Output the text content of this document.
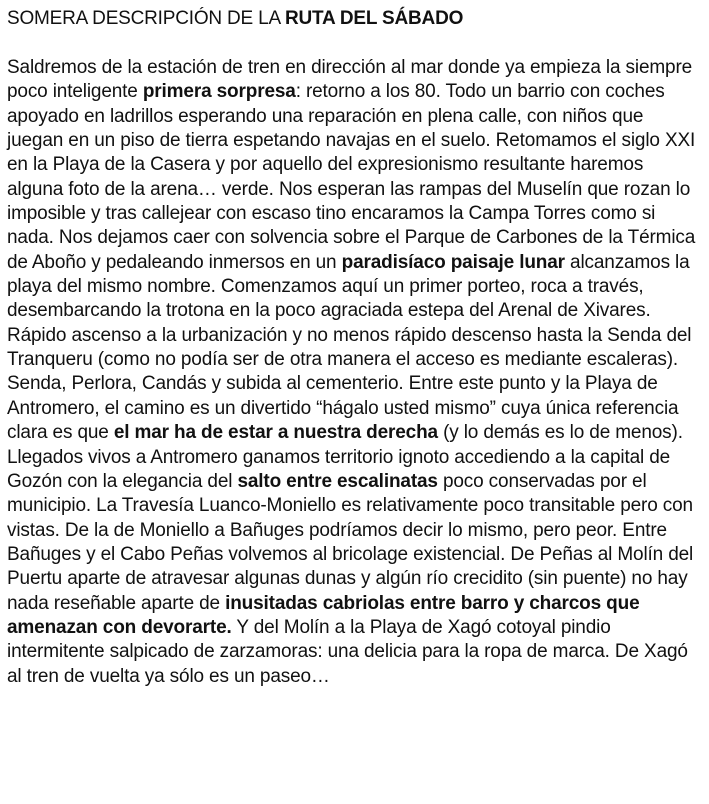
SOMERA DESCRIPCIÓN DE LA RUTA DEL SÁBADO

Saldremos de la estación de tren en dirección al mar donde ya empieza la siempre poco inteligente primera sorpresa: retorno a los 80. Todo un barrio con coches apoyado en ladrillos esperando una reparación en plena calle, con niños que juegan en un piso de tierra espetando navajas en el suelo. Retomamos el siglo XXI en la Playa de la Casera y por aquello del expresionismo resultante haremos alguna foto de la arena… verde. Nos esperan las rampas del Muselín que rozan lo imposible y tras callejear con escaso tino encaramos la Campa Torres como si nada. Nos dejamos caer con solvencia sobre el Parque de Carbones de la Térmica de Aboño y pedaleando inmersos en un paradisíaco paisaje lunar alcanzamos la playa del mismo nombre. Comenzamos aquí un primer porteo, roca a través, desembarcando la trotona en la poco agraciada estepa del Arenal de Xivares. Rápido ascenso a la urbanización y no menos rápido descenso hasta la Senda del Tranqueru (como no podía ser de otra manera el acceso es mediante escaleras). Senda, Perlora, Candás y subida al cementerio. Entre este punto y la Playa de Antromero, el camino es un divertido “hágalo usted mismo” cuya única referencia clara es que el mar ha de estar a nuestra derecha (y lo demás es lo de menos). Llegados vivos a Antromero ganamos territorio ignoto accediendo a la capital de Gozón con la elegancia del salto entre escalinatas poco conservadas por el municipio. La Travesía Luanco-Moniello es relativamente poco transitable pero con vistas. De la de Moniello a Bañuges podríamos decir lo mismo, pero peor. Entre Bañuges y el Cabo Peñas volvemos al bricolage existencial. De Peñas al Molín del Puertu aparte de atravesar algunas dunas y algún río crecidito (sin puente) no hay nada reseñable aparte de inusitadas cabriolas entre barro y charcos que amenazan con devorarte. Y del Molín a la Playa de Xagó cotoyal pindio intermitente salpicado de zarzamoras: una delicia para la ropa de marca. De Xagó al tren de vuelta ya sólo es un paseo…
